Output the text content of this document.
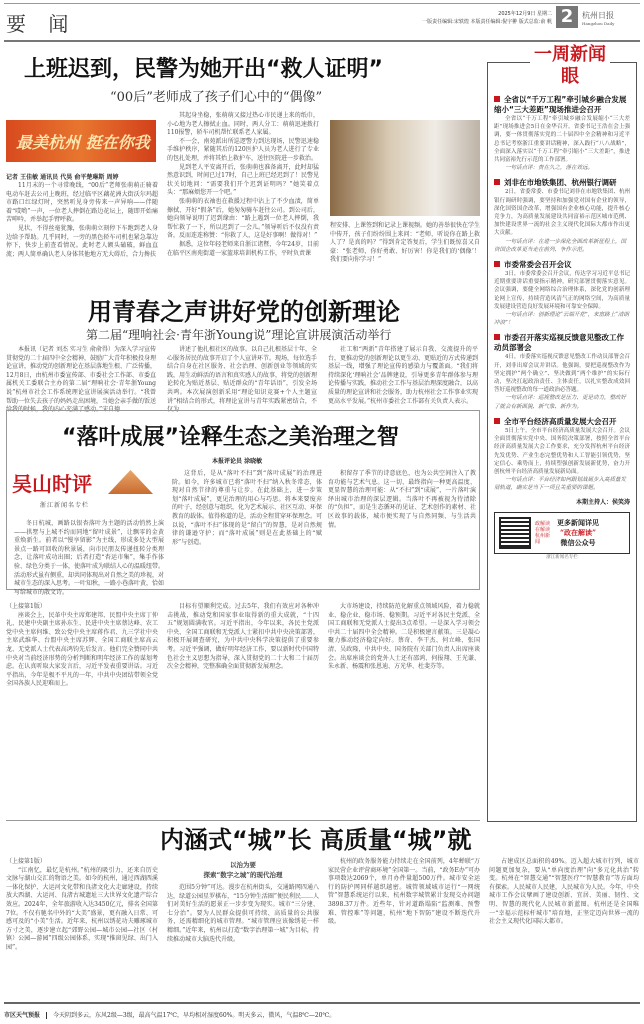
要 闻	2025年12月9日 星期二
一版责任编辑:宋轶煌 本版责任编辑:倪宇翀 版式总监:俞 帆 2	杭州日报
Hangzhou Daily
上班迟到，民警为她开出“救人证明”
“00后”老师成了孩子们心中的“偶像”
最美杭州 挺在你我
记者 王佳敏 通讯员 代昊 俞平楚琳斯 周婷

11月末的一个寻常晚线，“00后”老师张萌萌正骑着电动车赶去公司上晚班，经过临平区藕花洲大街沃尔玛超市路口红绿灯时，突然听见身旁传来一声异响——伴随着“哎哟”一声，一位老人摔倒在路边花坛上，随即开始痛苦呻吟，并举起手臂呼救。

见状，不得丝毫犹豫，张萌萌立刻停下车跑到老人身边给予帮助。几乎同时，一旁的黑色轿车司机也紧急靠边停下，快步上前查看情况。此时老人额头磕破，鲜血直流；两人简单确认老人身体其他地方无大碍后，合力搀扶

其起身坐稳，张萌萌又接过热心市民递上来的纸巾，小心地为老人擦拭止血。同时，两人分工：萌萌迅速拨打110报警，轿车司机帮忙联系老人家属。

不一会，南苑派出所巡逻警力到达现场，民警迅速稳手维护秩序，紧随其后的120医护人员为老人进行了专业的包扎处理，并将其抬上救护车，送往医院进一步救治。

见到老人平安离开后，张萌萌也准备离开，此时却猛然意识到，时间已过17时，自己上班已经迟到了！民警见状关切地问：“需要我们开个迟到证明吗？”她笑着点头：“那麻烦您开一个吧。”

张萌萌的衣袖也在救援过程中沾上了不少血渍，简单擦拭、开好“假条”后，她匆匆骑车赶往公司。到公司后，她向领导说明了迟到缘由：“路上遇到一位老人摔倒，我帮忙救了一下，所以迟到了一会儿。”领导听后不仅没有责备，反而连连称赞：“你救了人，这是好事啊！做得对！”

据悉，这位年轻老师来自浙江诸暨，今年24岁，目前在临平区南苑街道一家篮球培训机构工作，平时负责课

程安排、上课签到和记录上课视频。她的善举很快在学生中传开，孩子们纷纷围上来问：“老师，听说你在路上救人了？是真的吗？”得到肯定答复后，学生们既惊喜又自豪：“张老师，你好勇敢、好厉害！你是我们的‘偶像’！我们要向你学习！”

用青春之声讲好党的创新理论
第二届“理响社会·青年浙Young说”理论宣讲展演活动举行

本报讯（记者 刘杰 实习生 俞俞得）为深入学习宣传贯彻党的二十届四中全会精神，鼓励广大青年积极投身理论宣讲，推动党的创新理论在基层落地生根、广泛传播，12月8日，由杭州市委宣传部、市委社会工作部、市委直属机关工委联合主办的第二届“理响社会·青年浙Young说”杭州市社会工作系统理论宣讲展演活动举行。“我曾帮助一位失去孩子的妈妈走出困境，当她会亲手做的饭送给我的时候，我的内心充满了感动。”宋自德

讲述了他扎根社区的故事。以自己扎根基层十年，全心服务居民的故事开启了个人宣讲环节。现场，每位选手结合自身在社区服务、社会治理、创新创业等领域的实践，用生动鲜活的语言和真实感人的故事，将党的创新理论转化为贴近基层、贴近群众的“青年话语”，引发全场共鸣。本次展演创新采用“理论知识竞赛+个人主题宣讲”相结合的形式，将理论宣讲与青年实践紧密结合，不仅为

社工和“两新”青年搭建了展示自我、交流提升的平台，更推动党的创新理论以更生动、更贴近的方式传递到基层一线，增强了理论宣传的感染力与覆盖面。“我们将持续深化‘理响社会’品牌建设，引导更多青年群体参与理论传播与实践，推动社会工作与基层治理深度融合，以高质量的理论宣讲和社会服务，助力杭州社会工作事业实现更高水平发展。”杭州市委社会工作部有关负责人表示。

“落叶成展”诠释生态之美治理之智
本报评论员 涂晓敏
吴山时评
浙江新闻名专栏

冬日杭城，画路以银杏落叶为主题的活动悄然上演——拱墅与上城不约而同地“留叶成景”，让飘零的金黄重焕新生。前者以“慢享留影”为主线，形成多处大型展景点一路可回收的秋景展，向市民朋友传递扭转分类理念，让落叶成功出圈；后者打造“杏运市集”，集手作体验、绿色分类于一体，使落叶成为联结人心的温暖纽带。活动形式虽有侧重，却共同体现出对自然之美的珍视，对城市生态的深入思考。一叶知秋，一路小巷落叶黄，恰如写给城市的散文诗。

这背后，是从“落叶不扫”到“落叶成展”的治理进阶。如今，许多城市已将“落叶不扫”纳入秋冬常态，体现对自然节律的尊重与让步。在此基础上，进一步策划“落叶成展”，更见治理的用心与巧思。将本来要废弃的叶子，经创意与组织，化为艺术展示、社区互动、环保教育的载体。值得称道的是，活动全程贯穿环保理念。可以说，“落叶不扫”体现的是“留白”的智慧，是对自然规律的谦逊守护；而“落叶成展”则是在此基础上的“赋形”与创造。

积留存了季节的诗意底色，也为公共空间注入了教育功能与艺术气息。这一切，最终指向一种更高温度、更显智慧的治理可能：从“不扫”到“成展”，一片落叶演绎出城市治理的深层逻辑。当落叶不再被视为待清除的“负担”，而是生态循环的见证、艺术创作的素材、社区故事的载体，城市便实现了与自然同频、与生活共情。

（上接第1版）

座谈会上，民革中央主席郑建邦、民盟中央主席丁仲礼、民建中央副主席孙东生、民进中央主席蔡达峰、农工党中央主席何维、致公党中央主席蒋作君、九三学社中央主席武维华、台盟中央主席苏辉、全国工商联主席高云龙、无党派人士代表高鸿钧先后发言。他们完全赞同中共中央对当前经济形势的分析判断和明年经济工作的谋划考虑。在认真听取大家发言后，习近平发表重要讲话。习近平指出，今年是极不平凡的一年，中共中央团结带领全党全国各族人民迎难而上。

目标有望顺利完成。过去5年，我们有效应对各种冲击挑战，推动党和国家事业取得新的重大成就，“十四五”规划圆满收官。习近平指出，今年以来，各民主党派中央、全国工商联和无党派人士紧扣中共中央决策部署，积极开展调查研究，为中共中央科学决策提供了重要参考。习近平强调，做好明年经济工作，要以新时代中国特色社会主义思想为指导，深入贯彻党的二十大和二十届历次全会精神，完整准确全面贯彻新发展理念。

大市场建设，持续防范化解重点领域风险，着力稳就业、稳企业、稳市场、稳预期。习近平对各民主党派、全国工商联和无党派人士提出3点希望。一是深入学习领会中共二十届四中全会精神。二是积极建言献策。三是凝心聚力推动经济稳定向好。蔡奇、李干杰、何立峰、张国清、吴政隆，中共中央、国务院有关部门负责人出席座谈会。出席座谈会的党外人士还有邵鸿、何报翔、王光谦、朱永新、杨震和张恩迪、方光华、杜斐芬等。

全省以“千万工程”牵引城乡融合发展缩小“三大差距”现场推进会召开

全省以“千万工程”牵引城乡融合发展缩小“三大差距”现场推进会5日在金华召开。省委书记王浩在会上强调，要一体贯彻落实党的二十届四中全会精神和习近平总书记考察浙江重要讲话精神，深入践行“八八战略”，全面深入落实以“千万工程”牵引缩小“三大差距”，推进共同富裕先行示范的工作部署。

一句话点评：贵在久之，落在效远。

刘非在市地铁集团、杭州银行调研

2日，省委常委、市委书记刘非在市地铁集团、杭州银行调研时强调，要坚持和加强党对国有企业的领导，深化国资国企改革，增强国有企业核心功能，提升核心竞争力，为高质量发展建设共同富裕示范区城市范例、加快建设世界一流的社会主义现代化国际大都市作出更大贡献。

一句话点评：在进一步深化全面改革新征程上，国资国企改革更当走在前列、争作示范。

市委常委会召开会议

3日，市委常委会召开会议，传达学习习近平总书记近期重要讲话重要指示精神，研究部署贯彻落实意见。会议强调，要健全网络综合治理体系，深化党的创新理论网上宣传，持续营造风清气正的网络空间，为高质量发展建设营造良好发展环境和可靠安全保障。

一句话点评：创新理论“云端开花”，来富路上“清朗冲浪”！

市委召开落实巡视反馈意见整改工作动员部署会

4日，市委落实巡视反馈意见整改工作动员部署会召开，刘非出席会议并讲话。他强调，要把巡视整改作为坚定拥护“两个确立”、坚决做到“两个维护”的实际行动，坚决扛起政治责任、主体责任，以扎实整改成效回答好巡视整改的每一道政治必答题。

一句话点评：巡视整改是压力、更是动力，整改好了就会有新面貌、新气象、新作为。

全市平台经济高质量发展大会召开

5日上午，全市平台经济高质量发展大会召开。会议全面贯彻落实党中央、国务院决策部署，按照全省平台经济高质量发展大会工作要求，充分发挥杭州平台经济先发优势、产业生态完整优势和人工智能引领优势，坚定信心、乘势而上，持续塑强创新发展新优势，奋力开创杭州平台经济高质量发展新局面。

一句话点评：平台经济如何跟划战属步入高质量发展轨道，确实是当下一项且关重要的课题。

本期主持人：侯笑涛
政解读在解读杭州新闻
更多新闻详见
“政在解读”
微信公众号
浙江新闻名专栏
一周新闻眼
内涵式“城”长 高质量“城”就
（上接第1版）

“江南忆，最忆是杭州。”杭州的吸引力，还来自历史文脉与湖山交汇的物语之美。如今的杭州，通过西湖西溪一体化保护、大运河文化带和良渚文化大走廊建设，持续放大西湖、大运河、良渚古城遗址三大世界文化遗产综合效应。2024年，全年旅游收入达3450亿元，排名全国第7位。不仅有驰名中外的“大美”盛景，更有融入日常、可感可及的“小美”生活。近年来，杭州以绣花功夫雕琢城市方寸之美，逐步建立起“郊野公园—城市公园—社区（村镇）公园—游园”四级公园体系，实现“推窗见绿、出门入园”。

以治为要
探索“数字之城”的现代治理

范围5分钟”可达。漫步在杭州街头，交通路网四通八达，绿道公园星罗棋布，“15分钟生活圈”便民利民……人们对美好生活的愿景正一步步变为现实。城市“三分建、七分治”。要为人民群众提供可持续、高质量的公共服务，还需精细化的城市管理。“城市管理应该像绣花一样精细。”近年来，杭州以打造“数字治理第一城”为目标，持续推动城市大脑迭代升级。

杭州的政务服务能力持续走在全国前列，4年蝉联“万家民营企业评营商环境”全国第一。当前，“政务E办”可办事项数达2069个，单月办件量超500万件。城市安全运行的防护网同样越织越密。城管领域城市运行“一网统管”智慧系统运行以来，杭州数字城管累计发现交办问题3898.37万件。近些年，针对道路塌陷“监测难、预警难、管控难”等问题，杭州“地下智防”建设不断迭代升级。

占建成区总面积的49%。迈入超大城市行列，城市问题更加复杂，要从“单向度治理”向“多元化共治”转变。杭州在“智慧交通”“智慧医疗”“智慧教育”等方面均有探索。人民城市人民建，人民城市为人民。今年，中央城市工作会议擘画了建设创新、宜居、美丽、韧性、文明、智慧的现代化人民城市新蓝图。杭州还是全国唯一“幸福示范标杆城市”培育地，正坚定迈向世界一流的社会主义现代化国际大都市。

市区天气预报 今天阴到多云，东风2级—3级，最高气温17℃，早均相对湿度60%。明天多云，微风，气温8℃—20℃。
